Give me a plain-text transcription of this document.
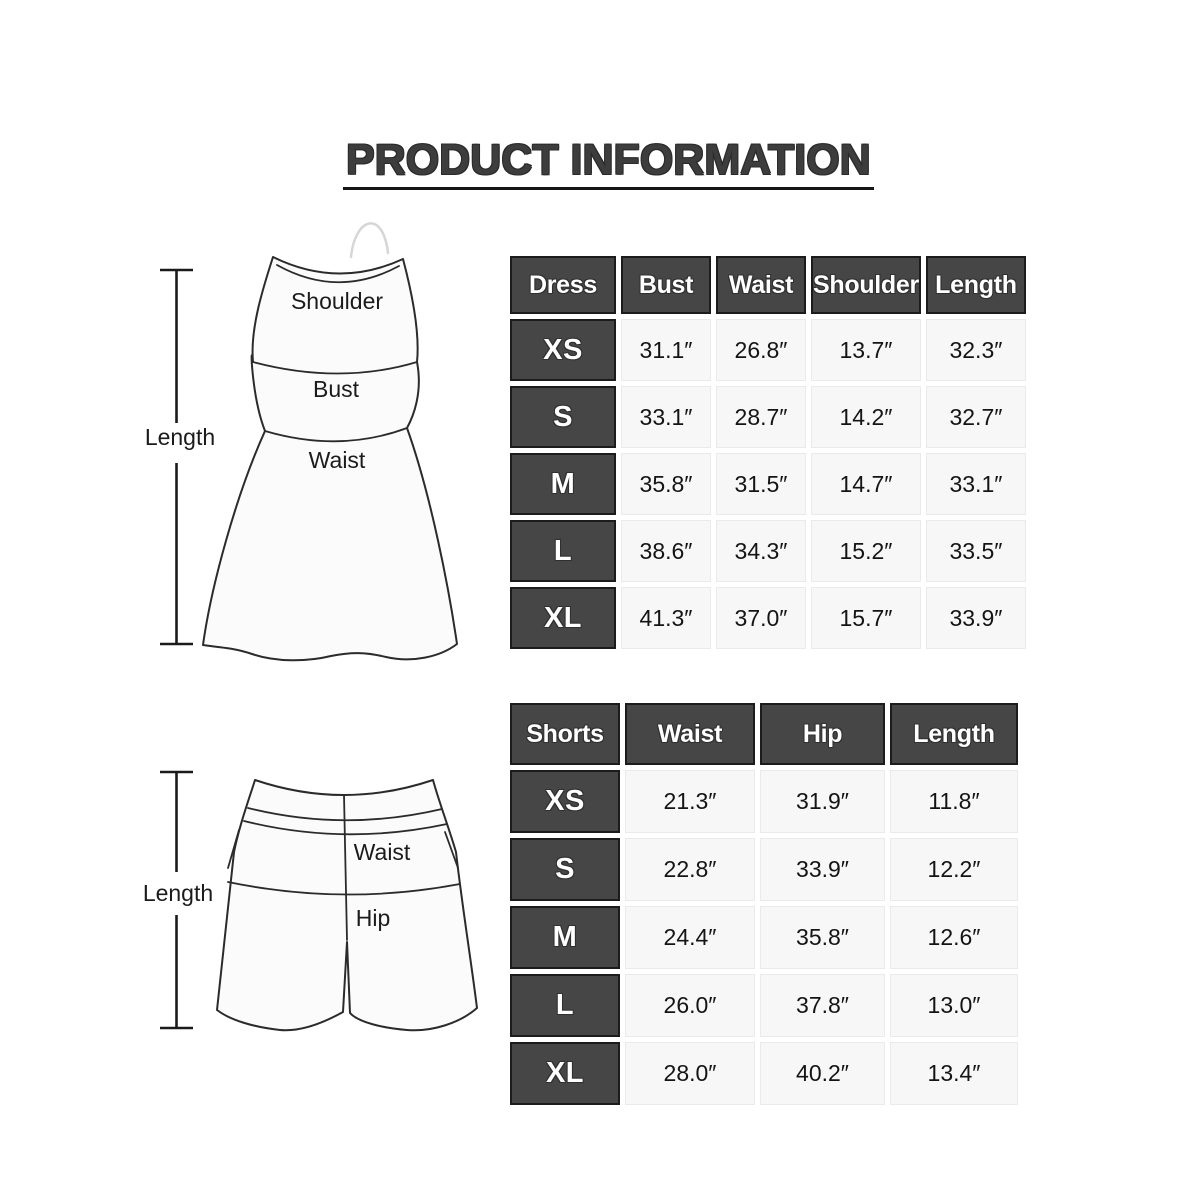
PRODUCT INFORMATION
Length
Shoulder
Bust
Waist
Dress	Bust	Waist	Shoulder	Length
XS	31.1″	26.8″	13.7″	32.3″
S	33.1″	28.7″	14.2″	32.7″
M	35.8″	31.5″	14.7″	33.1″
L	38.6″	34.3″	15.2″	33.5″
XL	41.3″	37.0″	15.7″	33.9″
Length
Waist
Hip
Shorts	Waist	Hip	Length
XS	21.3″	31.9″	11.8″
S	22.8″	33.9″	12.2″
M	24.4″	35.8″	12.6″
L	26.0″	37.8″	13.0″
XL	28.0″	40.2″	13.4″
